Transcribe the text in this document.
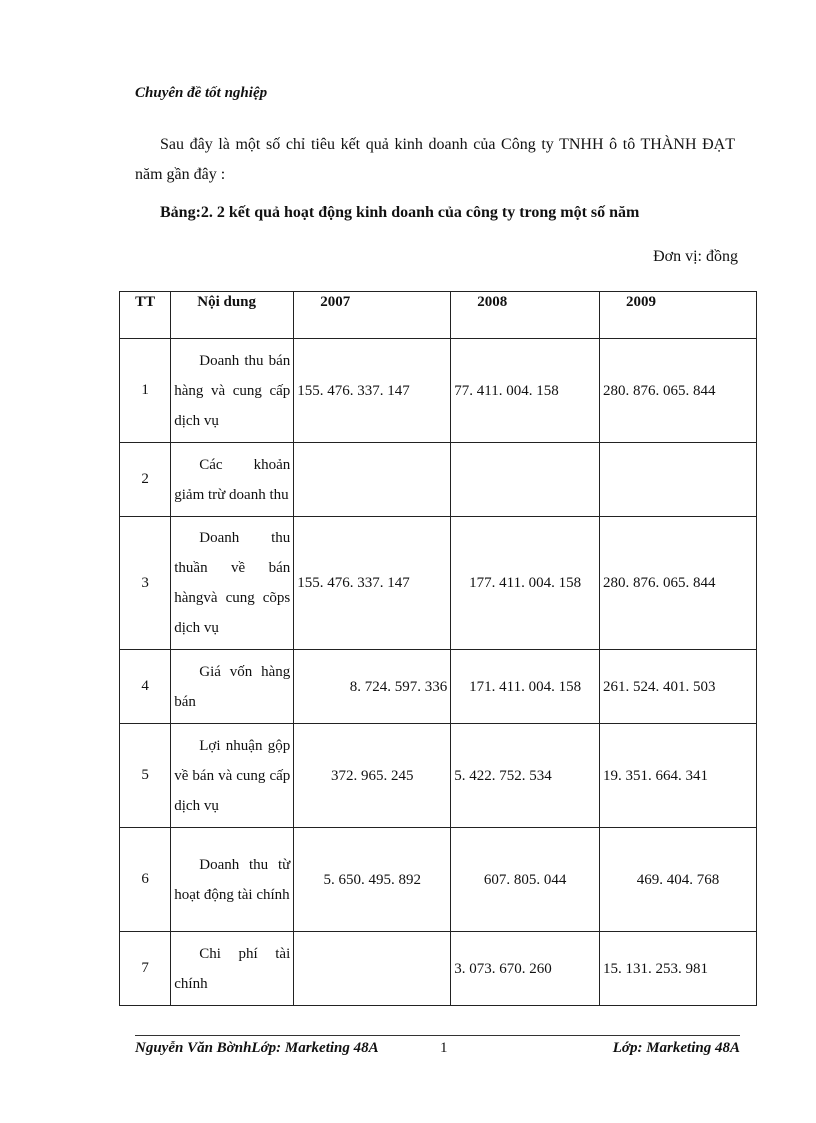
Chuyên đề tốt nghiệp

Sau đây là một số chỉ tiêu kết quả kinh doanh của Công ty TNHH ô tô THÀNH ĐẠT năm gần đây :

Bảng:2. 2 kết quả hoạt động kinh doanh của công ty trong một số năm
Đơn vị: đồng
TT	Nội dung	2007	2008	2009
1	Doanh thu bán hàng và cung cấp dịch vụ	155. 476. 337. 147	77. 411. 004. 158	280. 876. 065. 844
2	Các khoản giảm trừ doanh thu			

3	Doanh thu thuần về bán hàngvà cung cõps dịch vụ	155. 476. 337. 147	177. 411. 004. 158	280. 876. 065. 844
4	Giá vốn hàng bán	8. 724. 597. 336	171. 411. 004. 158	261. 524. 401. 503
5	Lợi nhuận gộp về bán và cung cấp dịch vụ	372. 965. 245	5. 422. 752. 534	19. 351. 664. 341
6	Doanh thu từ hoạt động tài chính	5. 650. 495. 892	607. 805. 044	469. 404. 768
7	Chi phí tài chính		3. 073. 670. 260	15. 131. 253. 981
Nguyễn Văn BờnhLớp: Marketing 48A	1	Lớp: Marketing 48A
